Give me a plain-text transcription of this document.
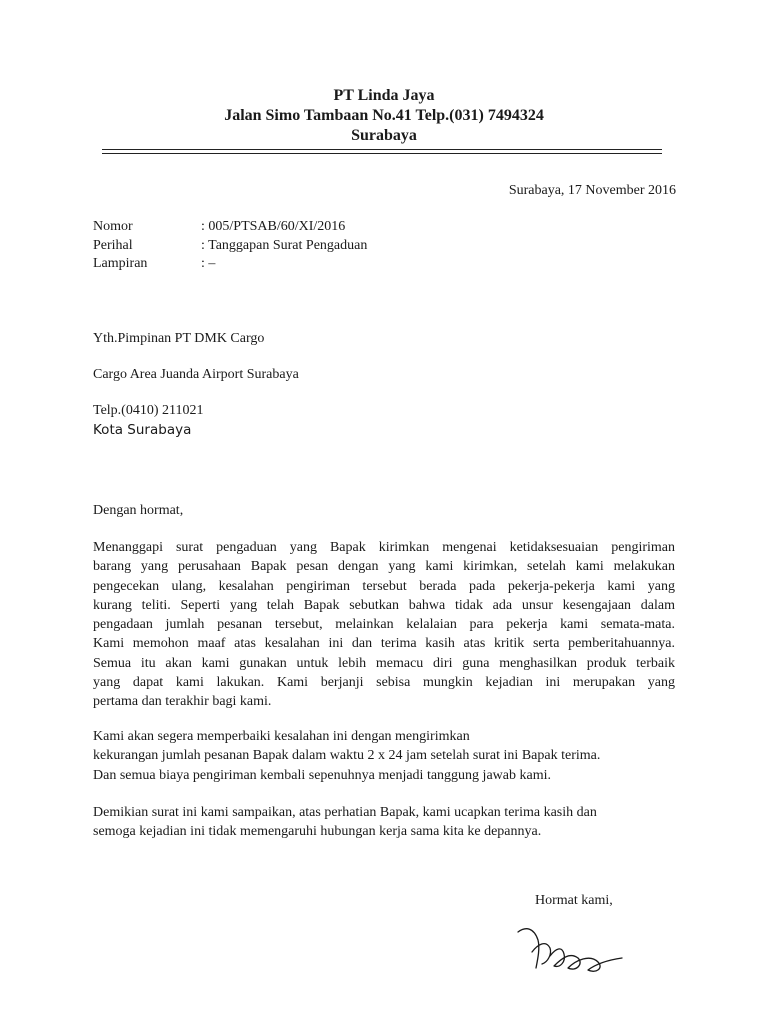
PT Linda Jaya
Jalan Simo Tambaan No.41 Telp.(031) 7494324
Surabaya
Surabaya, 17 November 2016
Nomor	: 005/PTSAB/60/XI/2016
Perihal	: Tanggapan Surat Pengaduan
Lampiran	: –
Yth.Pimpinan PT DMK Cargo
Cargo Area Juanda Airport Surabaya
Telp.(0410) 211021
Kota Surabaya
Dengan hormat,
Menanggapi surat pengaduan yang Bapak kirimkan mengenai ketidaksesuaian pengiriman
barang yang perusahaan Bapak pesan dengan yang kami kirimkan, setelah kami melakukan
pengecekan ulang, kesalahan pengiriman tersebut berada pada pekerja-pekerja kami yang
kurang teliti. Seperti yang telah Bapak sebutkan bahwa tidak ada unsur kesengajaan dalam
pengadaan jumlah pesanan tersebut, melainkan kelalaian para pekerja kami semata-mata.
Kami memohon maaf atas kesalahan ini dan terima kasih atas kritik serta pemberitahuannya.
Semua itu akan kami gunakan untuk lebih memacu diri guna menghasilkan produk terbaik
yang dapat kami lakukan. Kami berjanji sebisa mungkin kejadian ini merupakan yang
pertama dan terakhir bagi kami.
Kami akan segera memperbaiki kesalahan ini dengan mengirimkan
kekurangan jumlah pesanan Bapak dalam waktu 2 x 24 jam setelah surat ini Bapak terima.
Dan semua biaya pengiriman kembali sepenuhnya menjadi tanggung jawab kami.
Demikian surat ini kami sampaikan, atas perhatian Bapak, kami ucapkan terima kasih dan
semoga kejadian ini tidak memengaruhi hubungan kerja sama kita ke depannya.
Hormat kami,
